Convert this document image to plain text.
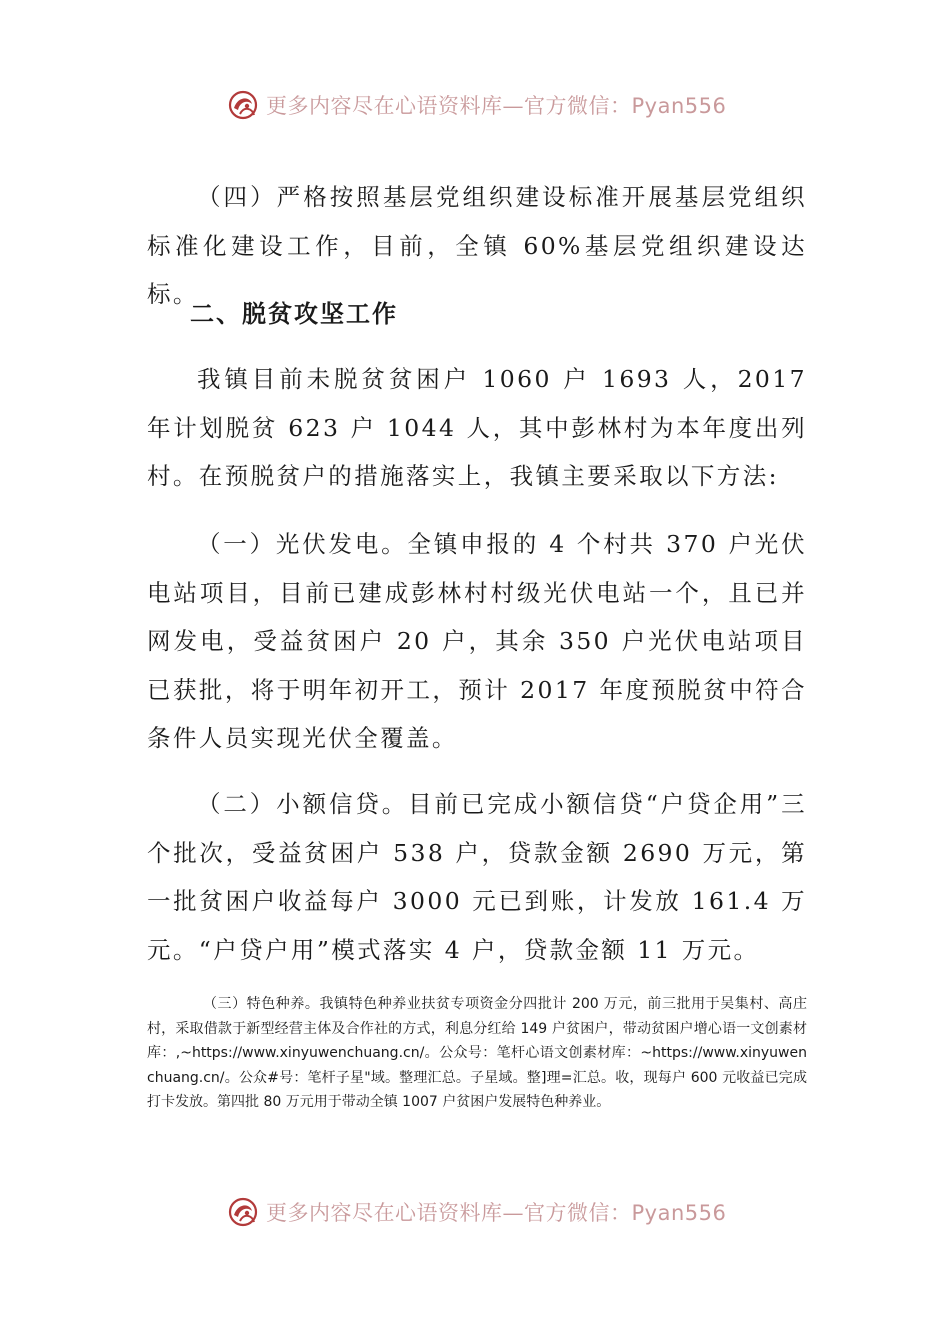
更多内容尽在心语资料库—官方微信：Pyan556

（四）严格按照基层党组织建设标准开展基层党组织标准化建设工作，目前，全镇 60%基层党组织建设达标。

二、脱贫攻坚工作

我镇目前未脱贫贫困户 1060 户 1693 人，2017 年计划脱贫 623 户 1044 人，其中彭林村为本年度出列村。在预脱贫户的措施落实上，我镇主要采取以下方法:

（一）光伏发电。全镇申报的 4 个村共 370 户光伏电站项目，目前已建成彭林村村级光伏电站一个，且已并网发电，受益贫困户 20 户，其余 350 户光伏电站项目已获批，将于明年初开工，预计 2017 年度预脱贫中符合条件人员实现光伏全覆盖。

（二）小额信贷。目前已完成小额信贷“户贷企用”三个批次，受益贫困户 538 户，贷款金额 2690 万元，第一批贫困户收益每户 3000 元已到账，计发放 161.4 万元。“户贷户用”模式落实 4 户，贷款金额 11 万元。

（三）特色种养。我镇特色种养业扶贫专项资金分四批计 200 万元，前三批用于吴集村、高庄村，采取借款于新型经营主体及合作社的方式，利息分红给 149 户贫困户，带动贫困户增心语一文创素材库：,~https://www.xinyuwenchuang.cn/。公众号：笔杆心语文创素材库：~https://www.xinyuwenchuang.cn/。公众#号：笔杆子星"域。整理汇总。子星域。整]理=汇总。收，现每户 600 元收益已完成打卡发放。第四批 80 万元用于带动全镇 1007 户贫困户发展特色种养业。

更多内容尽在心语资料库—官方微信：Pyan556
